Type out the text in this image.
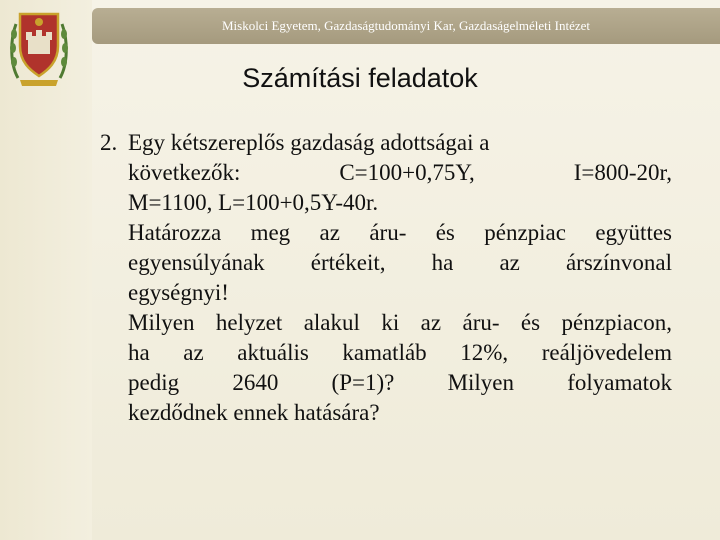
Miskolci Egyetem, Gazdaságtudományi Kar, Gazdaságelméleti Intézet
Számítási feladatok
2. Egy kétszereplős gazdaság adottságai a
következők:	C=100+0,75Y,	I=800-20r,
M=1100, L=100+0,5Y-40r.
Határozza meg az áru- és pénzpiac együttes
egyensúlyának értékeit, ha az árszínvonal
egységnyi!
Milyen helyzet alakul ki az áru- és pénzpiacon,
ha az aktuális kamatláb 12%, reáljövedelem
pedig 2640 (P=1)? Milyen folyamatok
kezdődnek ennek hatására?
